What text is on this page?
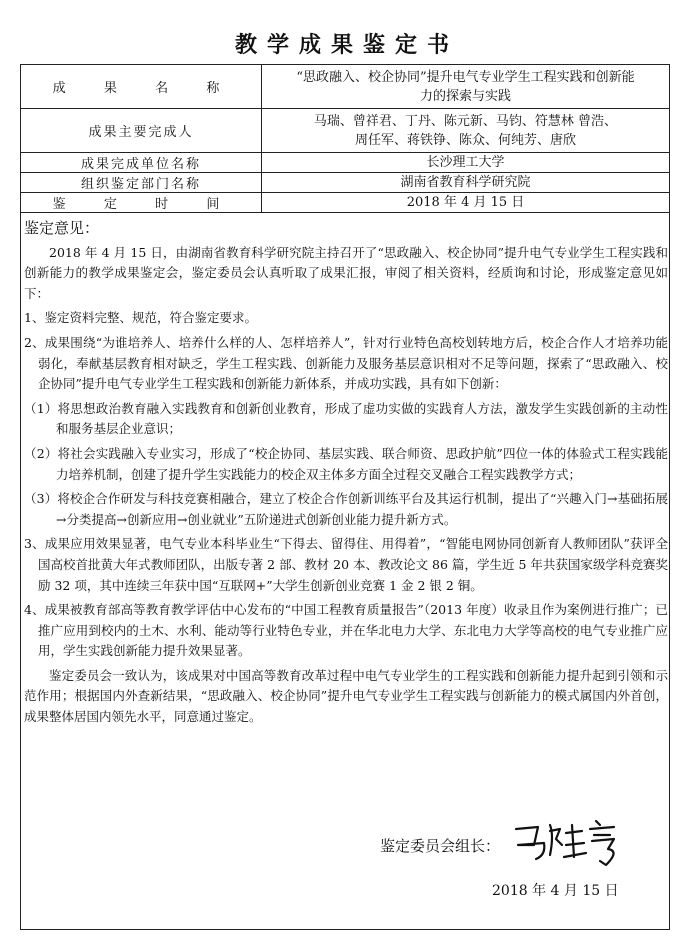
教学成果鉴定书
成  果  名  称	“思政融入、校企协同”提升电气专业学生工程实践和创新能力的探索与实践
成果主要完成人	马瑞、曾祥君、丁丹、陈元新、马钧、符慧林 曾浩、周任军、蒋铁铮、陈众、何纯芳、唐欣
成果完成单位名称	长沙理工大学
组织鉴定部门名称	湖南省教育科学研究院
鉴  定  时  间	2018 年 4 月 15 日
鉴定意见：

2018 年 4 月 15 日，由湖南省教育科学研究院主持召开了“思政融入、校企协同”提升电气专业学生工程实践和创新能力的教学成果鉴定会，鉴定委员会认真听取了成果汇报，审阅了相关资料，经质询和讨论，形成鉴定意见如下：

1、鉴定资料完整、规范，符合鉴定要求。

2、成果围绕“为谁培养人、培养什么样的人、怎样培养人”，针对行业特色高校划转地方后，校企合作人才培养功能弱化，奉献基层教育相对缺乏，学生工程实践、创新能力及服务基层意识相对不足等问题，探索了“思政融入、校企协同”提升电气专业学生工程实践和创新能力新体系，并成功实践，具有如下创新：

（1）将思想政治教育融入实践教育和创新创业教育，形成了虚功实做的实践育人方法，激发学生实践创新的主动性和服务基层企业意识；

（2）将社会实践融入专业实习，形成了“校企协同、基层实践、联合师资、思政护航”四位一体的体验式工程实践能力培养机制，创建了提升学生实践能力的校企双主体多方面全过程交叉融合工程实践教学方式；

（3）将校企合作研发与科技竞赛相融合，建立了校企合作创新训练平台及其运行机制，提出了“兴趣入门→基础拓展→分类提高→创新应用→创业就业”五阶递进式创新创业能力提升新方式。

3、成果应用效果显著，电气专业本科毕业生“下得去、留得住、用得着”，“智能电网协同创新育人教师团队”获评全国高校首批黄大年式教师团队，出版专著 2 部、教材 20 本、教改论文 86 篇，学生近 5 年共获国家级学科竞赛奖励 32 项，其中连续三年获中国“互联网+”大学生创新创业竞赛 1 金 2 银 2 铜。

4、成果被教育部高等教育教学评估中心发布的“中国工程教育质量报告”（2013 年度）收录且作为案例进行推广；已推广应用到校内的土木、水利、能动等行业特色专业，并在华北电力大学、东北电力大学等高校的电气专业推广应用，学生实践创新能力提升效果显著。

鉴定委员会一致认为，该成果对中国高等教育改革过程中电气专业学生的工程实践和创新能力提升起到引领和示范作用；根据国内外查新结果，“思政融入、校企协同”提升电气专业学生工程实践与创新能力的模式属国内外首创，成果整体居国内领先水平，同意通过鉴定。

鉴定委员会组长：
2018 年 4 月 15 日
